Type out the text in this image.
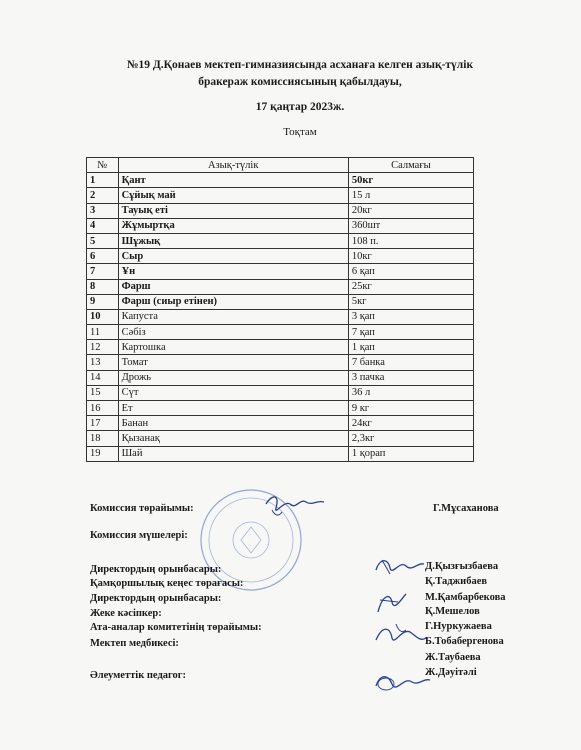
№19 Д.Қонаев мектеп-гимназиясында асханаға келген азық-түлік
бракераж комиссиясының қабылдауы,
17 қаңтар 2023ж.
Тоқтам
№	Азық-түлік	Салмағы
1	Қант	50кг
2	Сұйық май	15 л
3	Тауық еті	20кг
4	Жұмыртқа	360шт
5	Шұжық	108 п.
6	Сыр	10кг
7	Ұн	6 қап
8	Фарш	25кг
9	Фарш (сиыр етінен)	5кг
10	Капуста	3 қап
11	Сәбіз	7 қап
12	Картошка	1 қап
13	Томат	7 банка
14	Дрожь	3 пачка
15	Сүт	36 л
16	Ет	9 кг
17	Банан	24кг
18	Қызанақ	2,3кг
19	Шай	1 қорап
Комиссия төрайымы:	Г.Мұсаханова
Комиссия мүшелері:
Директордың орынбасары:	Д.Қызғызбаева
Қамқоршылық кеңес төрағасы:	Қ.Таджибаев
Директордың орынбасары:	М.Қамбарбекова
Жеке кәсіпкер:	Қ.Мешелов
Ата-аналар комитетінің төрайымы:	Г.Нуркужаева
Мектеп медбикесі:	Б.Тобабергенова
Ж.Таубаева
Әлеуметтік педагог:	Ж.Дәуітәлі
